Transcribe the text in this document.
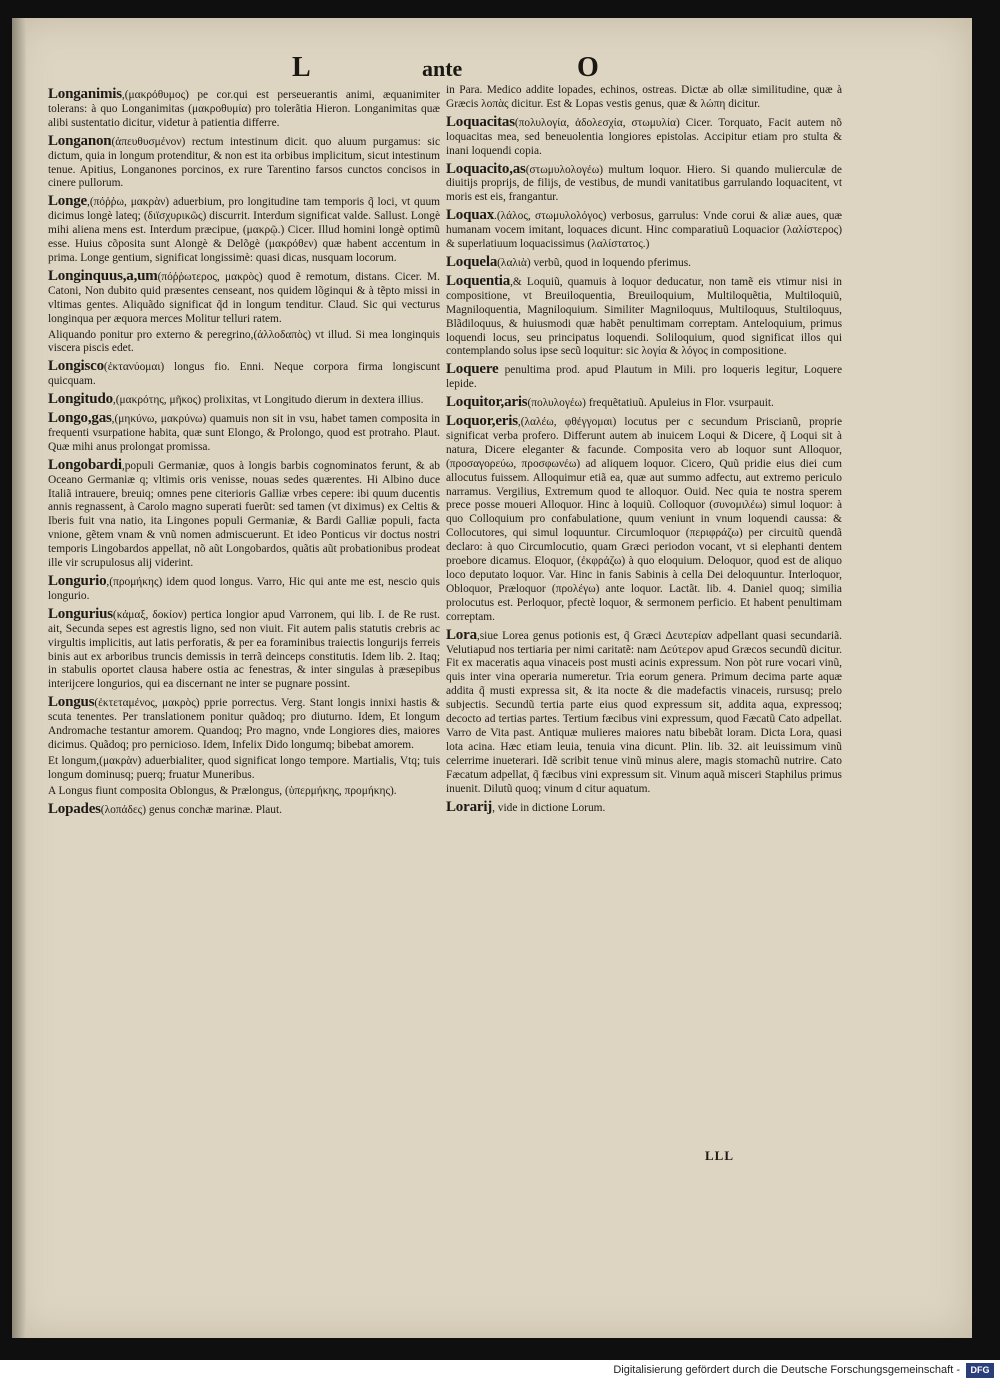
L	ante	O
Longanimis,(μακρόθυμος) pe cor.qui est perseuerantis animi, æquanimiter tolerans: à quo Longanimitas (μακροθυμία) pro tolerãtia Hieron. Longanimitas quæ alibi sustentatio dicitur, videtur à patientia differre.
Longanon(ἀπευθυσμένον) rectum intestinum dicit. quo aluum purgamus: sic dictum, quia in longum protenditur, & non est ita orbibus implicitum, sicut intestinum tenue. Apitius, Longanones porcinos, ex rure Tarentino farsos cunctos concisos in cinere pullorum.
Longe,(πόῤῥω, μακρὰν) aduerbium, pro longitudine tam temporis q̃ loci, vt quum dicimus longè lateq; (διϊσχυρικῶς) discurrit. Interdum significat valde. Sallust. Longè mihi aliena mens est. Interdum præcipue, (μακρῷ.) Cicer. Illud homini longè optimũ esse. Huius cõposita sunt Alongè & Delõgè (μακρόθεν) quæ habent accentum in prima. Longe gentium, significat longissimè: quasi dicas, nusquam locorum.
Longinquus,a,um(πόῤῥωτερος, μακρὸς) quod ẽ remotum, distans. Cicer. M. Catoni, Non dubito quid præsentes censeant, nos quidem lõginqui & à tẽpto missi in vltimas gentes. Aliquãdo significat q̃d in longum tenditur. Claud. Sic qui vecturus longinqua per æquora merces Molitur telluri ratem.
Aliquando ponitur pro externo & peregrino,(ἀλλοδαπὸς) vt illud. Si mea longinquis viscera piscis edet.
Longisco(ἐκτανύομαι) longus fio. Enni. Neque corpora firma longiscunt quicquam.
Longitudo,(μακρότης, μῆκος) prolixitas, vt Longitudo dierum in dextera illius.
Longo,gas,(μηκύνω, μακρύνω) quamuis non sit in vsu, habet tamen composita in frequenti vsurpatione habita, quæ sunt Elongo, & Prolongo, quod est protraho. Plaut. Quæ mihi anus prolongat promissa.
Longobardi,populi Germaniæ, quos à longis barbis cognominatos ferunt, & ab Oceano Germaniæ q; vltimis oris venisse, nouas sedes quærentes. Hi Albino duce Italiã intrauere, breuiq; omnes pene citerioris Galliæ vrbes cepere: ibi quum ducentis annis regnassent, à Carolo magno superati fuerũt: sed tamen (vt diximus) ex Celtis & Iberis fuit vna natio, ita Lingones populi Germaniæ, & Bardi Galliæ populi, facta vnione, gẽtem vnam & vnũ nomen admiscuerunt. Et ideo Ponticus vir doctus nostri temporis Lingobardos appellat, nõ aũt Longobardos, quãtis aũt probationibus prodeat ille vir scrupulosus alij viderint.
Longurio,(προμήκης) idem quod longus. Varro, Hic qui ante me est, nescio quis longurio.
Longurius(κάμαξ, δοκίον) pertica longior apud Varronem, qui lib. I. de Re rust. ait, Secunda sepes est agrestis ligno, sed non viuit. Fit autem palis statutis crebris ac virgultis implicitis, aut latis perforatis, & per ea foraminibus traiectis longurijs ferreis binis aut ex arboribus truncis demissis in terrã deinceps constitutis. Idem lib. 2. Itaq; in stabulis oportet clausa habere ostia ac fenestras, & inter singulas à præsepibus interijcere longurios, qui ea discernant ne inter se pugnare possint.
Longus(ἐκτεταμένος, μακρὸς) pprie porrectus. Verg. Stant longis innixi hastis & scuta tenentes. Per translationem ponitur quãdoq; pro diuturno. Idem, Et longum Andromache testantur amorem. Quandoq; Pro magno, vnde Longiores dies, maiores dicimus. Quãdoq; pro pernicioso. Idem, Infelix Dido longumq; bibebat amorem.
Et longum,(μακρὰν) aduerbialiter, quod significat longo tempore. Martialis, Vtq; tuis longum dominusq; puerq; fruatur Muneribus.
A Longus fiunt composita Oblongus, & Prælongus, (ὑπερμήκης, προμήκης).
Lopades(λοπάδες) genus conchæ marinæ. Plaut.
in Para. Medico addite lopades, echinos, ostreas. Dictæ ab ollæ similitudine, quæ à Græcis λοπὰς dicitur. Est & Lopas vestis genus, quæ & λώπη dicitur.
Loquacitas(πολυλογία, ἀδολεσχία, στωμυλία) Cicer. Torquato, Facit autem nõ loquacitas mea, sed beneuolentia longiores epistolas. Accipitur etiam pro stulta & inani loquendi copia.
Loquacito,as(στωμυλολογέω) multum loquor. Hiero. Si quando mulierculæ de diuitijs proprijs, de filijs, de vestibus, de mundi vanitatibus garrulando loquacitent, vt moris est eis, frangantur.
Loquax.(λάλος, στωμυλολόγος) verbosus, garrulus: Vnde corui & aliæ aues, quæ humanam vocem imitant, loquaces dicunt. Hinc comparatiuũ Loquacior (λαλίστερος) & superlatiuum loquacissimus (λαλίστατος.)
Loquela(λαλιὰ) verbũ, quod in loquendo pferimus.
Loquentia,& Loquiũ, quamuis à loquor deducatur, non tamẽ eis vtimur nisi in compositione, vt Breuiloquentia, Breuiloquium, Multiloquẽtia, Multiloquiũ, Magniloquentia, Magniloquium. Similiter Magniloquus, Multiloquus, Stultiloquus, Blãdiloquus, & huiusmodi quæ habẽt penultimam correptam. Anteloquium, primus loquendi locus, seu principatus loquendi. Soliloquium, quod significat illos qui contemplando solus ipse secũ loquitur: sic λογία & λόγος in compositione.
Loquere penultima prod. apud Plautum in Mili. pro loqueris legitur, Loquere lepide.
Loquitor,aris(πολυλογέω) frequẽtatiuũ. Apuleius in Flor. vsurpauit.
Loquor,eris,(λαλέω, φθέγγομαι) locutus per c secundum Priscianũ, proprie significat verba profero. Differunt autem ab inuicem Loqui & Dicere, q̃ Loqui sit à natura, Dicere eleganter & facunde. Composita vero ab loquor sunt Alloquor, (προσαγορεύω, προσφωνέω) ad aliquem loquor. Cicero, Quũ pridie eius diei cum allocutus fuissem. Alloquimur etiã ea, quæ aut summo adfectu, aut extremo periculo narramus. Vergilius, Extremum quod te alloquor. Ouid. Nec quia te nostra sperem prece posse moueri Alloquor. Hinc à loquiũ. Colloquor (συνομιλέω) simul loquor: à quo Colloquium pro confabulatione, quum veniunt in vnum loquendi caussa: & Collocutores, qui simul loquuntur. Circumloquor (περιφράζω) per circuitũ quendã declaro: à quo Circumlocutio, quam Græci periodon vocant, vt si elephanti dentem proebore dicamus. Eloquor, (ἐκφράζω) à quo eloquium. Deloquor, quod est de aliquo loco deputato loquor. Var. Hinc in fanis Sabinis à cella Dei deloquuntur. Interloquor, Obloquor, Præloquor (προλέγω) ante loquor. Lactãt. lib. 4. Daniel quoq; similia prolocutus est. Perloquor, pfectè loquor, & sermonem perficio. Et habent penultimam correptam.
Lora,siue Lorea genus potionis est, q̃ Græci Δευτερίαν adpellant quasi secundariã. Velutiapud nos tertiaria per nimi caritatẽ: nam Δεύτερον apud Græcos secundũ dicitur. Fit ex maceratis aqua vinaceis post musti acinis expressum. Non pòt rure vocari vinũ, quis inter vina operaria numeretur. Tria eorum genera. Primum decima parte aquæ addita q̃ musti expressa sit, & ita nocte & die madefactis vinaceis, rursusq; prelo subjectis. Secundũ tertia parte eius quod expressum sit, addita aqua, expressoq; decocto ad tertias partes. Tertium fæcibus vini expressum, quod Fæcatũ Cato adpellat. Varro de Vita past. Antiquæ mulieres maiores natu bibebãt loram. Dicta Lora, quasi lota acina. Hæc etiam leuia, tenuia vina dicunt. Plin. lib. 32. ait leuissimum vinũ celerrime inueterari. Idẽ scribit tenue vinũ minus alere, magis stomachũ nutrire. Cato Fæcatum adpellat, q̃ fæcibus vini expressum sit. Vinum aquã misceri Staphilus primus inuenit. Dilutũ quoq; vinum d citur aquatum.
Lorarij, vide in dictione Lorum.
LLL
Digitalisierung gefördert durch die Deutsche Forschungsgemeinschaft -	DFG
